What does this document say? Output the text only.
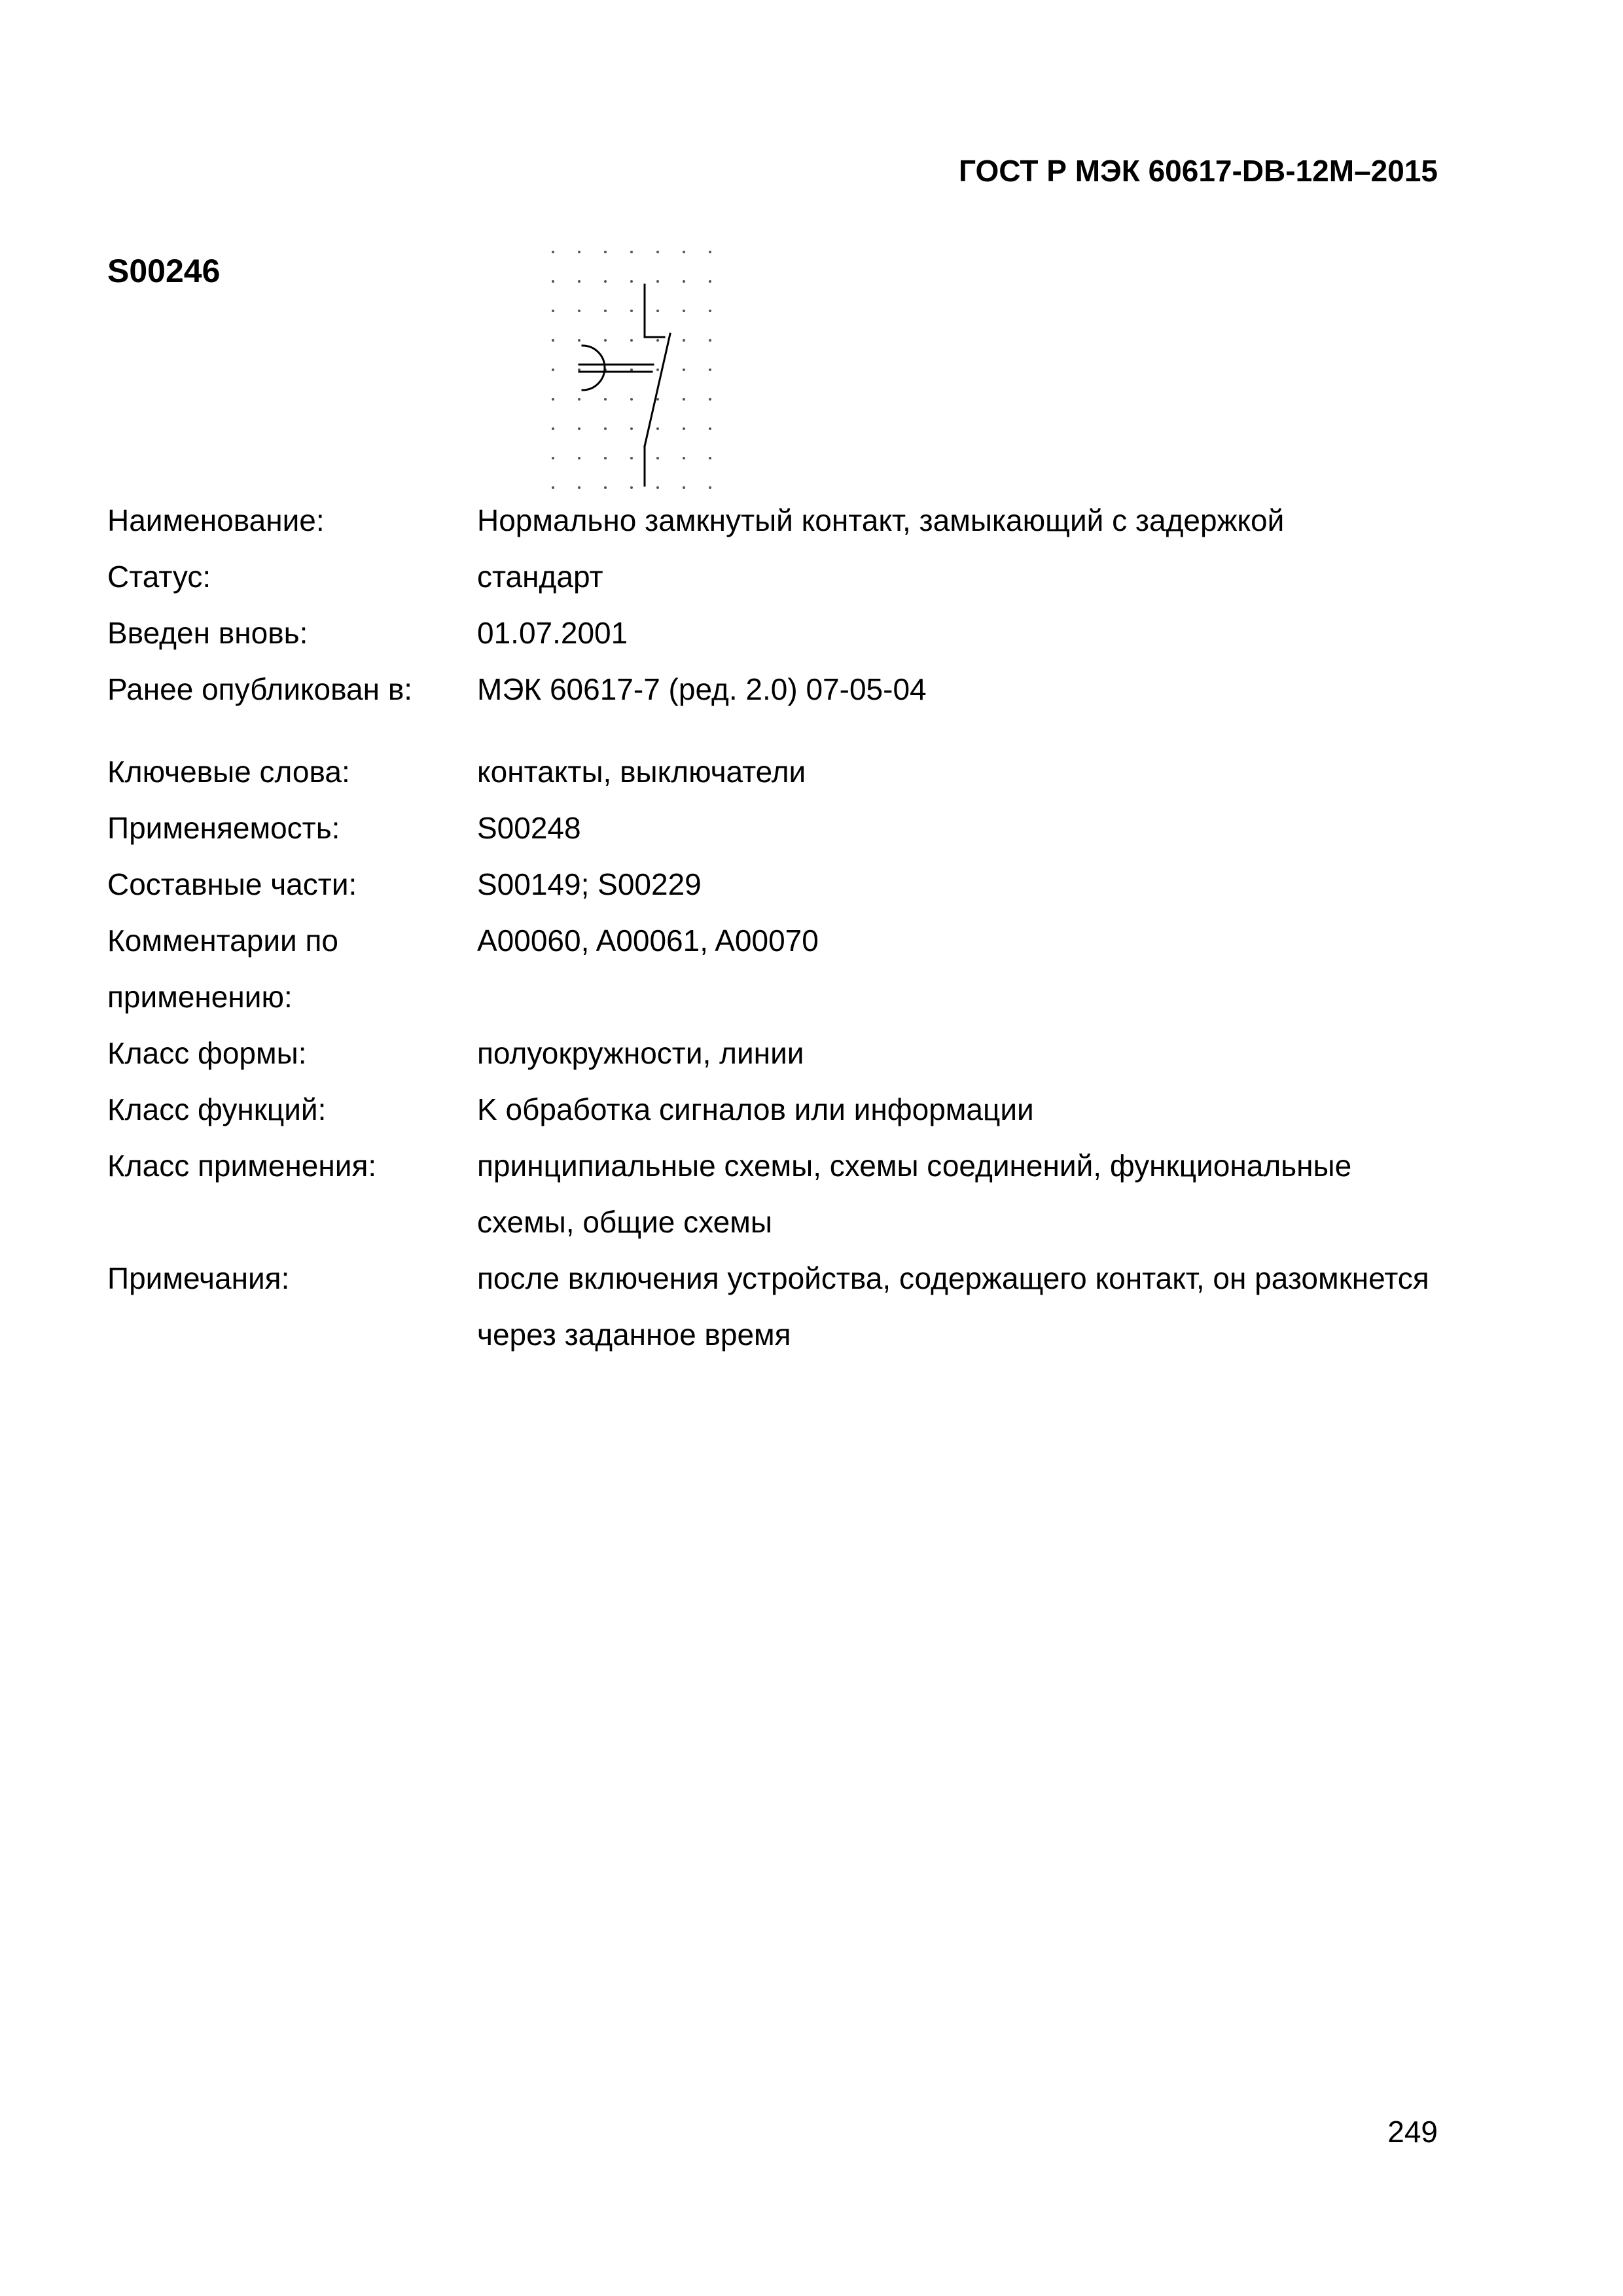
ГОСТ Р МЭК 60617-DB-12M–2015
S00246
Наименование:	Нормально замкнутый контакт, замыкающий с задержкой
Статус:	стандарт
Введен вновь:	01.07.2001
Ранее опубликован в:	МЭК 60617-7 (ред. 2.0) 07-05-04
Ключевые слова:	контакты, выключатели
Применяемость:	S00248
Составные части:	S00149; S00229
Комментарии по применению:
A00060, A00061, A00070
Класс формы:	полуокружности, линии
Класс функций:	K обработка сигналов или информации
Класс применения:	принципиальные схемы, схемы соединений, функциональные схемы, общие схемы
Примечания:	после включения устройства, содержащего контакт, он разомкнется через заданное время
249
